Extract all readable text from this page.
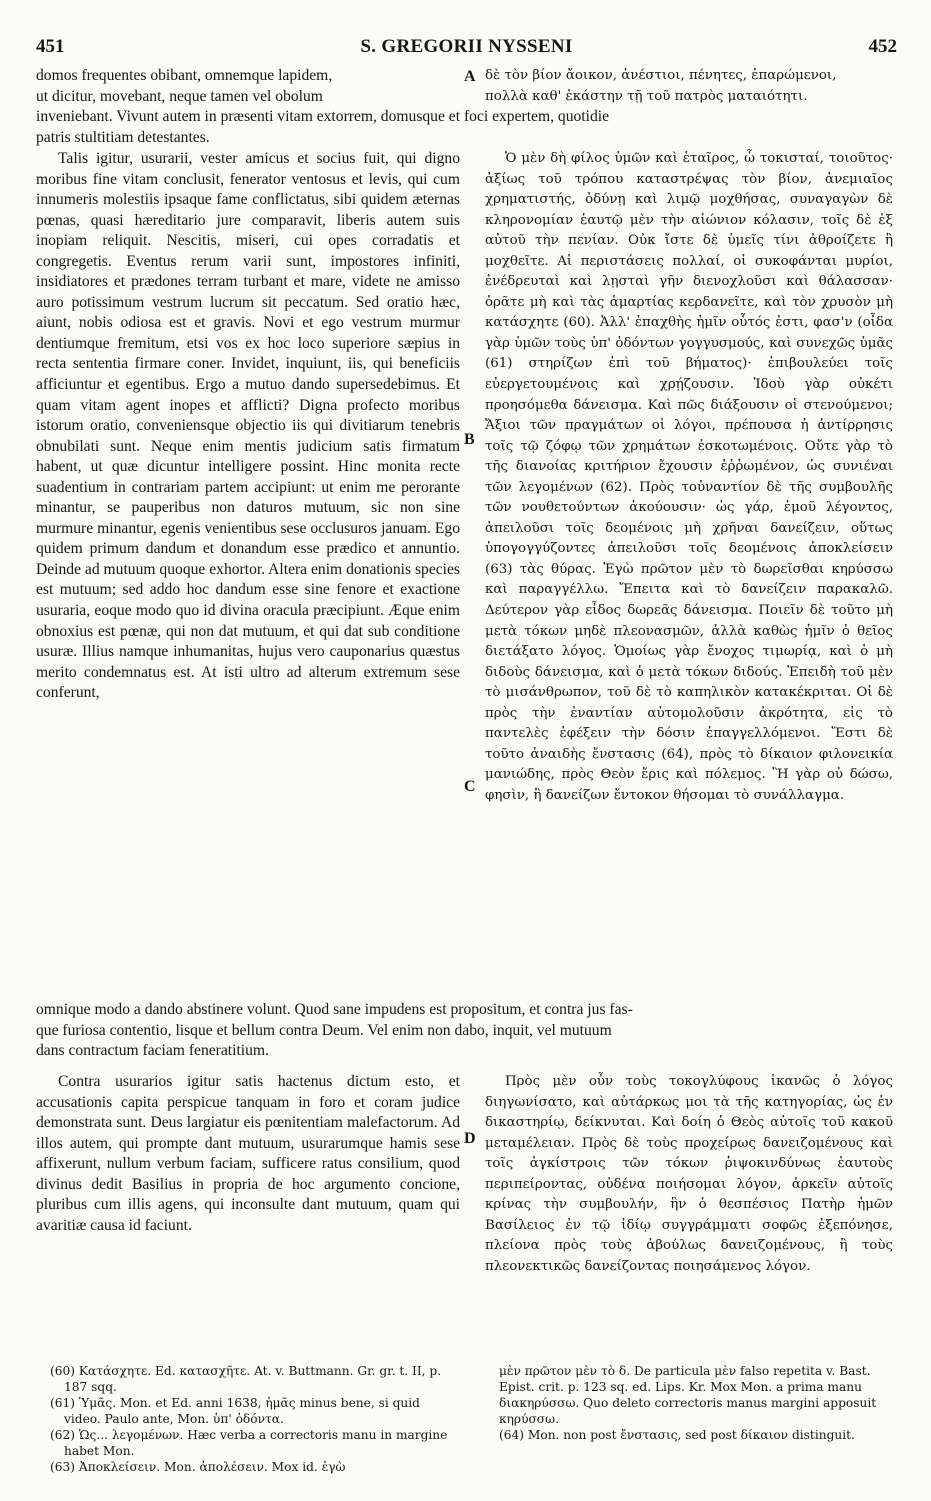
451	S. GREGORII NYSSENI	452
domos frequentes obibant, omnemque lapidem,
ut dicitur, movebant, neque tamen vel obolum
A δὲ τὸν βίον ἄοικον, ἀνέστιοι, πένητες, ἐπαρώμενοι,
πολλὰ καθ' ἑκάστην τῇ τοῦ πατρὸς ματαιότητι.
inveniebant. Vivunt autem in præsenti vitam extorrem, domusque et foci expertem, quotidie
patris stultitiam detestantes.
Talis igitur, usurarii, vester amicus et socius fuit, qui digno moribus fine vitam conclusit, fenerator ventosus et levis, qui cum innumeris molestiis ipsaque fame conflictatus, sibi quidem æternas pœnas, quasi hæreditario jure comparavit, liberis autem suis inopiam reliquit. Nescitis, miseri, cui opes corradatis et congregetis. Eventus rerum varii sunt, impostores infiniti, insidiatores et prædones terram turbant et mare, videte ne amisso auro potissimum vestrum lucrum sit peccatum. Sed oratio hæc, aiunt, nobis odiosa est et gravis. Novi et ego vestrum murmur dentiumque fremitum, etsi vos ex hoc loco superiore sæpius in recta sententia firmare coner. Invidet, inquiunt, iis, qui beneficiis afficiuntur et egentibus. Ergo a mutuo dando supersedebimus. Et quam vitam agent inopes et afflicti? Digna profecto moribus istorum oratio, conveniensque objectio iis qui divitiarum tenebris obnubilati sunt. Neque enim mentis judicium satis firmatum habent, ut quæ dicuntur intelligere possint. Hinc monita recte suadentium in contrariam partem accipiunt: ut enim me perorante minantur, se pauperibus non daturos mutuum, sic non sine murmure minantur, egenis venientibus sese occlusuros januam. Ego quidem primum dandum et donandum esse prædico et annuntio. Deinde ad mutuum quoque exhortor. Altera enim donationis species est mutuum; sed addo hoc dandum esse sine fenore et exactione usuraria, eoque modo quo id divina oracula præcipiunt. Æque enim obnoxius est pœnæ, qui non dat mutuum, et qui dat sub conditione usuræ. Illius namque inhumanitas, hujus vero cauponarius quæstus merito condemnatus est. At isti ultro ad alterum extremum sese conferunt,
Ὁ μὲν δὴ φίλος ὑμῶν καὶ ἑταῖρος, ὦ τοκισταί, τοιοῦτος· ἀξίως τοῦ τρόπου καταστρέψας τὸν βίον, ἀνεμιαῖος χρηματιστής, ὀδύνῃ καὶ λιμῷ μοχθήσας, συναγαγὼν δὲ κληρονομίαν ἑαυτῷ μὲν τὴν αἰώνιον κόλασιν, τοῖς δὲ ἐξ αὐτοῦ τὴν πενίαν. Οὐκ ἴστε δὲ ὑμεῖς τίνι ἀθροίζετε ἢ μοχθεῖτε. Αἱ περιστάσεις πολλαί, οἱ συκοφάνται μυρίοι, ἐνέδρευταὶ καὶ λῃσταὶ γῆν διενοχλοῦσι καὶ θάλασσαν· ὁρᾶτε μὴ καὶ τὰς ἁμαρτίας κερδανεῖτε, καὶ τὸν χρυσὸν μὴ κατάσχητε (60). Ἀλλ' ἐπαχθὴς ἡμῖν οὗτός ἐστι, φασ'ν (οἶδα γὰρ ὑμῶν τοὺς ὑπ' ὀδόντων γογγυσμούς, καὶ συνεχῶς ὑμᾶς (61) στηρίζων ἐπὶ τοῦ βήματος)· ἐπιβουλεύει τοῖς εὐεργετουμένοις καὶ χρῄζουσιν. Ἰδοὺ γὰρ οὐκέτι προησόμεθα δάνεισμα. Καὶ πῶς διάξουσιν οἱ στενούμενοι; Ἄξιοι τῶν πραγμάτων οἱ λόγοι, πρέπουσα ἡ ἀντίρρησις τοῖς τῷ ζόφῳ τῶν χρημάτων ἐσκοτωμένοις. Οὔτε γὰρ τὸ τῆς διανοίας κριτήριον ἔχουσιν ἐῤῥωμένον, ὡς συνιέναι τῶν λεγομένων (62). Πρὸς τοὐναντίον δὲ τῆς συμβουλῆς τῶν νουθετούντων ἀκούουσιν· ὡς γάρ, ἐμοῦ λέγοντος, ἀπειλοῦσι τοῖς δεομένοις μὴ χρῆναι δανείζειν, οὕτως ὑπογογγύζοντες ἀπειλοῦσι τοῖς δεομένοις ἀποκλείσειν (63) τὰς θύρας. Ἐγὼ πρῶτον μὲν τὸ δωρεῖσθαι κηρύσσω καὶ παραγγέλλω. Ἔπειτα καὶ τὸ δανείζειν παρακαλῶ. Δεύτερον γὰρ εἶδος δωρεᾶς δάνεισμα. Ποιεῖν δὲ τοῦτο μὴ μετὰ τόκων μηδὲ πλεονασμῶν, ἀλλὰ καθὼς ἡμῖν ὁ θεῖος διετάξατο λόγος. Ὁμοίως γὰρ ἔνοχος τιμωρίᾳ, καὶ ὁ μὴ διδοὺς δάνεισμα, καὶ ὁ μετὰ τόκων διδούς. Ἐπειδὴ τοῦ μὲν τὸ μισάνθρωπον, τοῦ δὲ τὸ καπηλικὸν κατακέκριται. Οἱ δὲ πρὸς τὴν ἐναντίαν αὐτομολοῦσιν ἀκρότητα, εἰς τὸ παντελὲς ἐφέξειν τὴν δόσιν ἐπαγγελλόμενοι. Ἔστι δὲ τοῦτο ἀναιδὴς ἔνστασις (64), πρὸς τὸ δίκαιον φιλονεικία μανιώδης, πρὸς Θεὸν ἔρις καὶ πόλεμος. Ἢ γὰρ οὐ δώσω, φησὶν, ἢ δανείζων ἔντοκον θήσομαι τὸ συνάλλαγμα.
B
C
omnique modo a dando abstinere volunt. Quod sane impudens est propositum, et contra jus fas-
que furiosa contentio, lisque et bellum contra Deum. Vel enim non dabo, inquit, vel mutuum
dans contractum faciam feneratitium.
Contra usurarios igitur satis hactenus dictum esto, et accusationis capita perspicue tanquam in foro et coram judice demonstrata sunt. Deus largiatur eis pœnitentiam malefactorum. Ad illos autem, qui prompte dant mutuum, usurarumque hamis sese affixerunt, nullum verbum faciam, sufficere ratus consilium, quod divinus dedit Basilius in propria de hoc argumento concione, pluribus cum illis agens, qui inconsulte dant mutuum, quam qui avaritiæ causa id faciunt.
Πρὸς μὲν οὖν τοὺς τοκογλύφους ἱκανῶς ὁ λόγος διηγωνίσατο, καὶ αὐτάρκως μοι τὰ τῆς κατηγορίας, ὡς ἐν δικαστηρίῳ, δείκνυται. Καὶ δοίη ὁ Θεὸς αὐτοῖς τοῦ κακοῦ μεταμέλειαν. Πρὸς δὲ τοὺς προχείρως δανειζομένους καὶ τοῖς ἀγκίστροις τῶν τόκων ῥιψοκινδύνως ἑαυτοὺς περιπείροντας, οὐδένα ποιήσομαι λόγον, ἀρκεῖν αὐτοῖς κρίνας τὴν συμβουλήν, ἣν ὁ θεσπέσιος Πατὴρ ἡμῶν Βασίλειος ἐν τῷ ἰδίῳ συγγράμματι σοφῶς ἐξεπόνησε, πλείονα πρὸς τοὺς ἀβούλως δανειζομένους, ἢ τοὺς πλεονεκτικῶς δανείζοντας ποιησάμενος λόγον.
D

(60) Κατάσχητε. Ed. κατασχῆτε. At. v. Buttmann. Gr. gr. t. II, p. 187 sqq.

(61) Ὑμᾶς. Mon. et Ed. anni 1638, ἡμᾶς minus bene, si quid video. Paulo ante, Mon. ὑπ' ὀδόντα.

(62) Ὡς... λεγομένων. Hæc verba a correctoris manu in margine habet Mon.

(63) Ἀποκλείσειν. Mon. ἀπολέσειν. Mox id. ἐγὼ

μὲν πρῶτον μὲν τὸ δ. De particula μὲν falso repetita v. Bast. Epist. crit. p. 123 sq. ed. Lips. Kr. Mox Mon. a prima manu διακηρύσσω. Quo deleto correctoris manus margini apposuit κηρύσσω.

(64) Mon. non post ἔνστασις, sed post δίκαιον distinguit.
